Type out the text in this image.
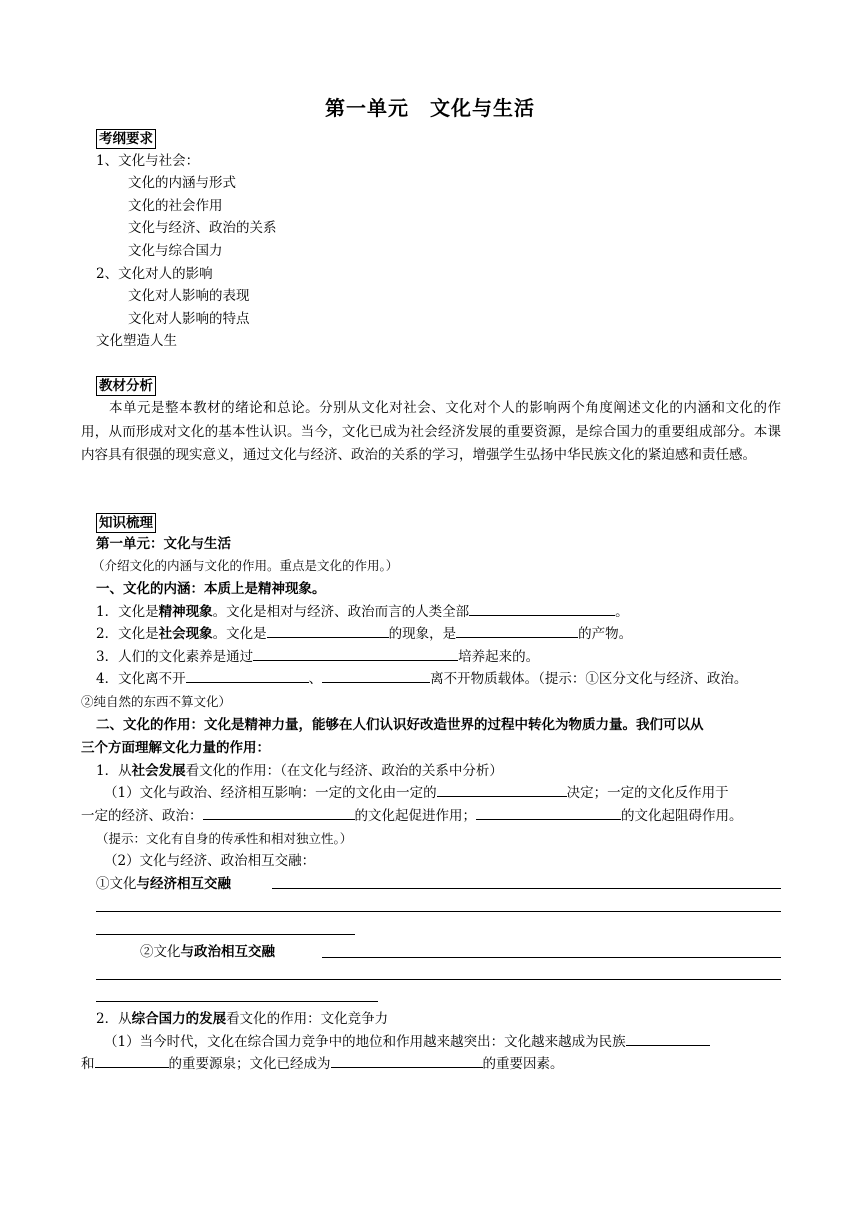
第一单元　文化与生活
考纲要求
1、文化与社会：
文化的内涵与形式
文化的社会作用
文化与经济、政治的关系
文化与综合国力
2、文化对人的影响
文化对人影响的表现
文化对人影响的特点
文化塑造人生
教材分析
本单元是整本教材的绪论和总论。分别从文化对社会、文化对个人的影响两个角度阐述文化的内涵和文化的作用，从而形成对文化的基本性认识。当今，文化已成为社会经济发展的重要资源，是综合国力的重要组成部分。本课内容具有很强的现实意义，通过文化与经济、政治的关系的学习，增强学生弘扬中华民族文化的紧迫感和责任感。
知识梳理
第一单元：文化与生活
（介绍文化的内涵与文化的作用。重点是文化的作用。）
一、文化的内涵：本质上是精神现象。
1．文化是精神现象。文化是相对与经济、政治而言的人类全部	。
2．文化是社会现象。文化是	的现象，是	的产物。
3．人们的文化素养是通过	培养起来的。
4．文化离不开	、	离不开物质载体。（提示：①区分文化与经济、政治。
②纯自然的东西不算文化）
二、文化的作用：文化是精神力量，能够在人们认识好改造世界的过程中转化为物质力量。我们可以从
三个方面理解文化力量的作用：
1．从社会发展看文化的作用：（在文化与经济、政治的关系中分析）
（1）文化与政治、经济相互影响：一定的文化由一定的	决定；一定的文化反作用于
一定的经济、政治：	的文化起促进作用；	的文化起阻碍作用。
（提示：文化有自身的传承性和相对独立性。）
（2）文化与经济、政治相互交融：
①文化与经济相互交融
②文化与政治相互交融
2．从综合国力的发展看文化的作用：文化竞争力
（1）当今时代，文化在综合国力竞争中的地位和作用越来越突出：文化越来越成为民族
和	的重要源泉；文化已经成为	的重要因素。
